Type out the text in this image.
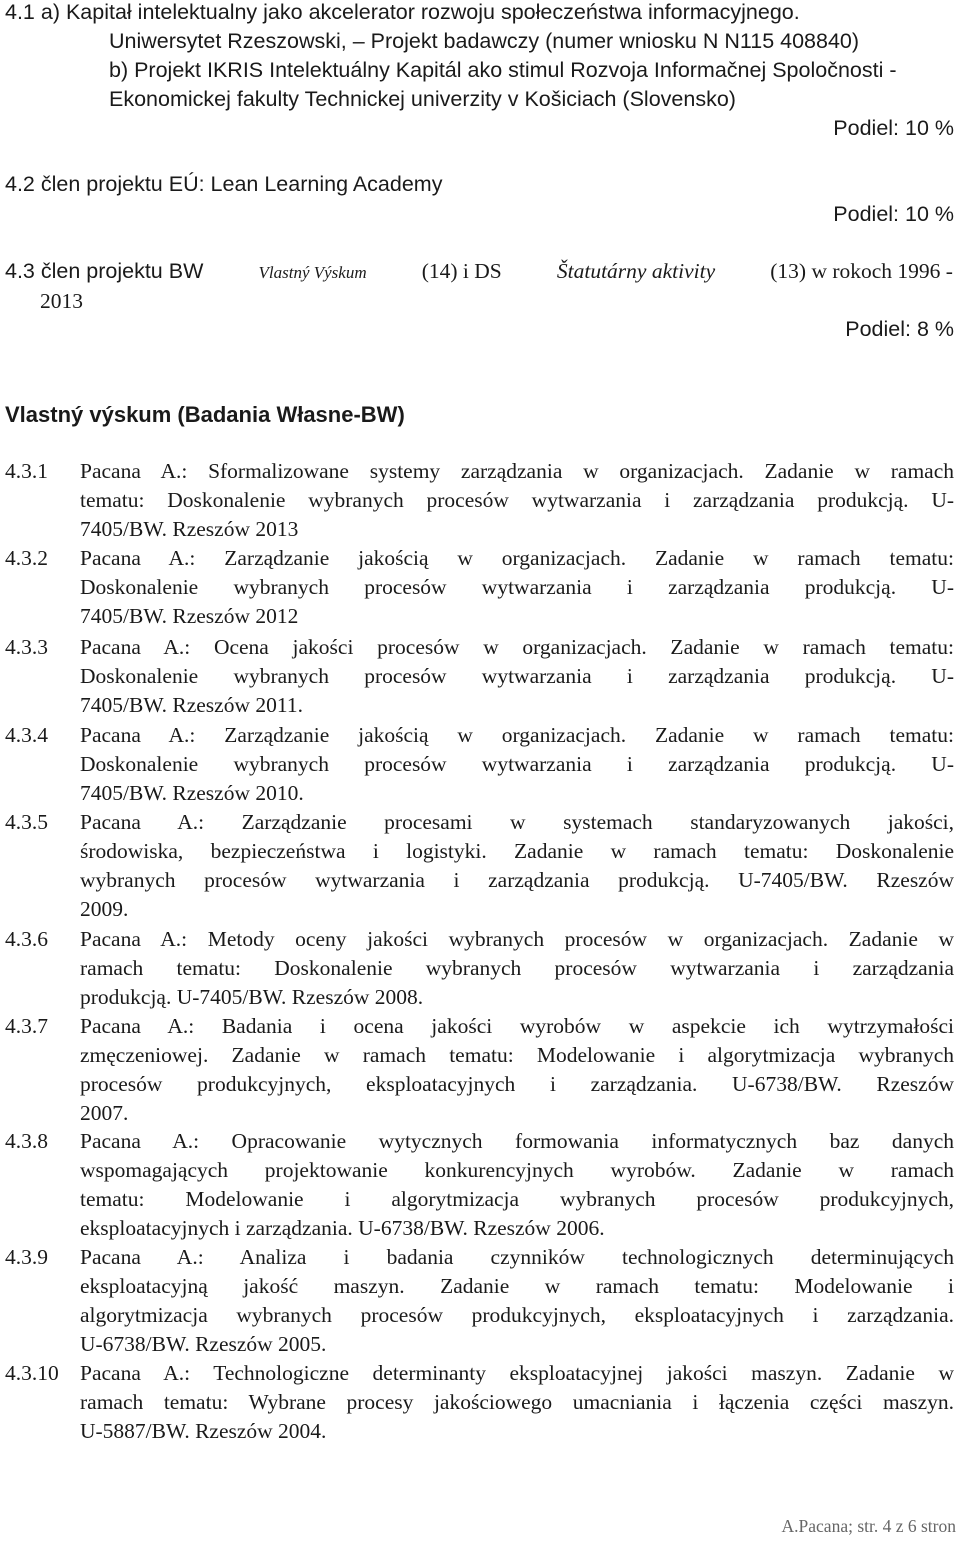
4.1 a) Kapitał intelektualny jako akcelerator rozwoju społeczeństwa informacyjnego.
Uniwersytet Rzeszowski, – Projekt badawczy (numer wniosku N N115 408840)
b) Projekt IKRIS Intelektuálny Kapitál ako stimul Rozvoja Informačnej Spoločnosti -
Ekonomickej fakulty Technickej univerzity v Košiciach (Slovensko)
Podiel: 10 %
4.2 člen projektu EÚ: Lean Learning Academy
Podiel: 10 %
4.3 člen projektu BW	Vlastný Výskum	(14) i DS	Štatutárny aktivity	(13) w rokoch 1996 -
2013
Podiel: 8 %
Vlastný výskum (Badania Własne-BW)
4.3.1 Pacana A.: Sformalizowane systemy zarządzania w organizacjach. Zadanie w ramach
tematu: Doskonalenie wybranych procesów wytwarzania i zarządzania produkcją. U-
7405/BW. Rzeszów 2013
4.3.2 Pacana A.: Zarządzanie jakością w organizacjach. Zadanie w ramach tematu:
Doskonalenie wybranych procesów wytwarzania i zarządzania produkcją. U-
7405/BW. Rzeszów 2012
4.3.3 Pacana A.: Ocena jakości procesów w organizacjach. Zadanie w ramach tematu:
Doskonalenie wybranych procesów wytwarzania i zarządzania produkcją. U-
7405/BW. Rzeszów 2011.
4.3.4 Pacana A.: Zarządzanie jakością w organizacjach. Zadanie w ramach tematu:
Doskonalenie wybranych procesów wytwarzania i zarządzania produkcją. U-
7405/BW. Rzeszów 2010.
4.3.5 Pacana A.: Zarządzanie procesami w systemach standaryzowanych jakości,
środowiska, bezpieczeństwa i logistyki. Zadanie w ramach tematu: Doskonalenie
wybranych procesów wytwarzania i zarządzania produkcją. U-7405/BW. Rzeszów
2009.
4.3.6 Pacana A.: Metody oceny jakości wybranych procesów w organizacjach. Zadanie w
ramach tematu: Doskonalenie wybranych procesów wytwarzania i zarządzania
produkcją. U-7405/BW. Rzeszów 2008.
4.3.7 Pacana A.: Badania i ocena jakości wyrobów w aspekcie ich wytrzymałości
zmęczeniowej. Zadanie w ramach tematu: Modelowanie i algorytmizacja wybranych
procesów produkcyjnych, eksploatacyjnych i zarządzania. U-6738/BW. Rzeszów
2007.
4.3.8 Pacana A.: Opracowanie wytycznych formowania informatycznych baz danych
wspomagających projektowanie konkurencyjnych wyrobów. Zadanie w ramach
tematu: Modelowanie i algorytmizacja wybranych procesów produkcyjnych,
eksploatacyjnych i zarządzania. U-6738/BW. Rzeszów 2006.
4.3.9 Pacana A.: Analiza i badania czynników technologicznych determinujących
eksploatacyjną jakość maszyn. Zadanie w ramach tematu: Modelowanie i
algorytmizacja wybranych procesów produkcyjnych, eksploatacyjnych i zarządzania.
U-6738/BW. Rzeszów 2005.
4.3.10 Pacana A.: Technologiczne determinanty eksploatacyjnej jakości maszyn. Zadanie w
ramach tematu: Wybrane procesy jakościowego umacniania i łączenia części maszyn.
U-5887/BW. Rzeszów 2004.
A.Pacana; str. 4 z 6 stron
